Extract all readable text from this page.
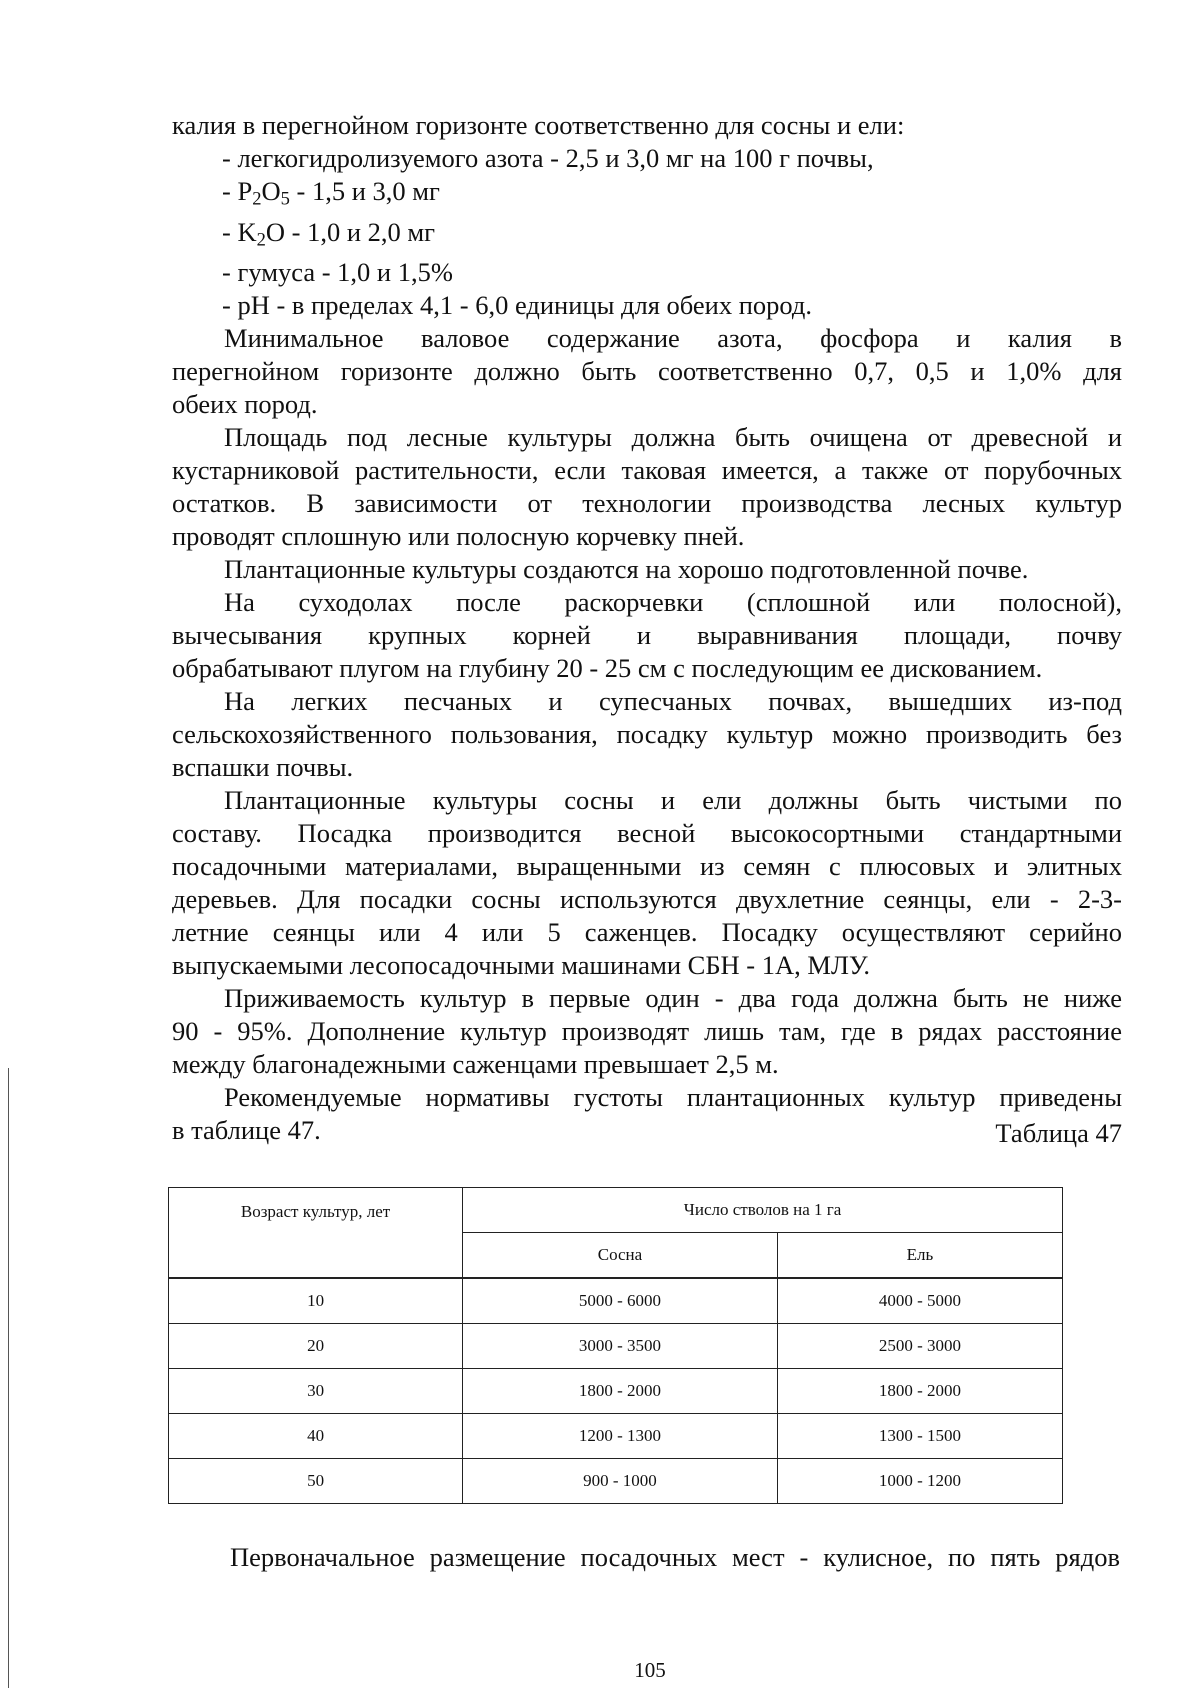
калия в перегнойном горизонте соответственно для сосны и ели:
- легкогидролизуемого азота - 2,5 и 3,0 мг на 100 г почвы,
- $P_2O_5 - 1,5$ и 3,0 мг
- $K_2O - 1,0$ и 2,0 мг
- гумуса - 1,0 и 1,5%
- pH - в пределах 4,1 - 6,0 единицы для обеих пород.
Минимальное валовое содержание азота, фосфора и калия в
перегнойном горизонте должно быть соответственно 0,7, 0,5 и 1,0% для
обеих пород.
Площадь под лесные культуры должна быть очищена от древесной и
кустарниковой растительности, если таковая имеется, а также от порубочных
остатков. В зависимости от технологии производства лесных культур
проводят сплошную или полосную корчевку пней.
Плантационные культуры создаются на хорошо подготовленной почве.
На суходолах после раскорчевки (сплошной или полосной),
вычесывания крупных корней и выравнивания площади, почву
обрабатывают плугом на глубину 20 - 25 см с последующим ее дискованием.
На легких песчаных и супесчаных почвах, вышедших из-под
сельскохозяйственного пользования, посадку культур можно производить без
вспашки почвы.
Плантационные культуры сосны и ели должны быть чистыми по
составу. Посадка производится весной высокосортными стандартными
посадочными материалами, выращенными из семян с плюсовых и элитных
деревьев. Для посадки сосны используются двухлетние сеянцы, ели - 2-3-
летние сеянцы или 4 или 5 саженцев. Посадку осуществляют серийно
выпускаемыми лесопосадочными машинами СБН - 1А, МЛУ.
Приживаемость культур в первые один - два года должна быть не ниже
90 - 95%. Дополнение культур производят лишь там, где в рядах расстояние
между благонадежными саженцами превышает 2,5 м.
Рекомендуемые нормативы густоты плантационных культур приведены
в таблице 47.	Таблица 47
Возраст культур, лет	Число стволов на 1 га	
	Сосна	Ель
10	5000 - 6000	4000 - 5000
20	3000 - 3500	2500 - 3000
30	1800 - 2000	1800 - 2000
40	1200 - 1300	1300 - 1500
50	900 - 1000	1000 - 1200
Первоначальное размещение посадочных мест - кулисное, по пять рядов
105
